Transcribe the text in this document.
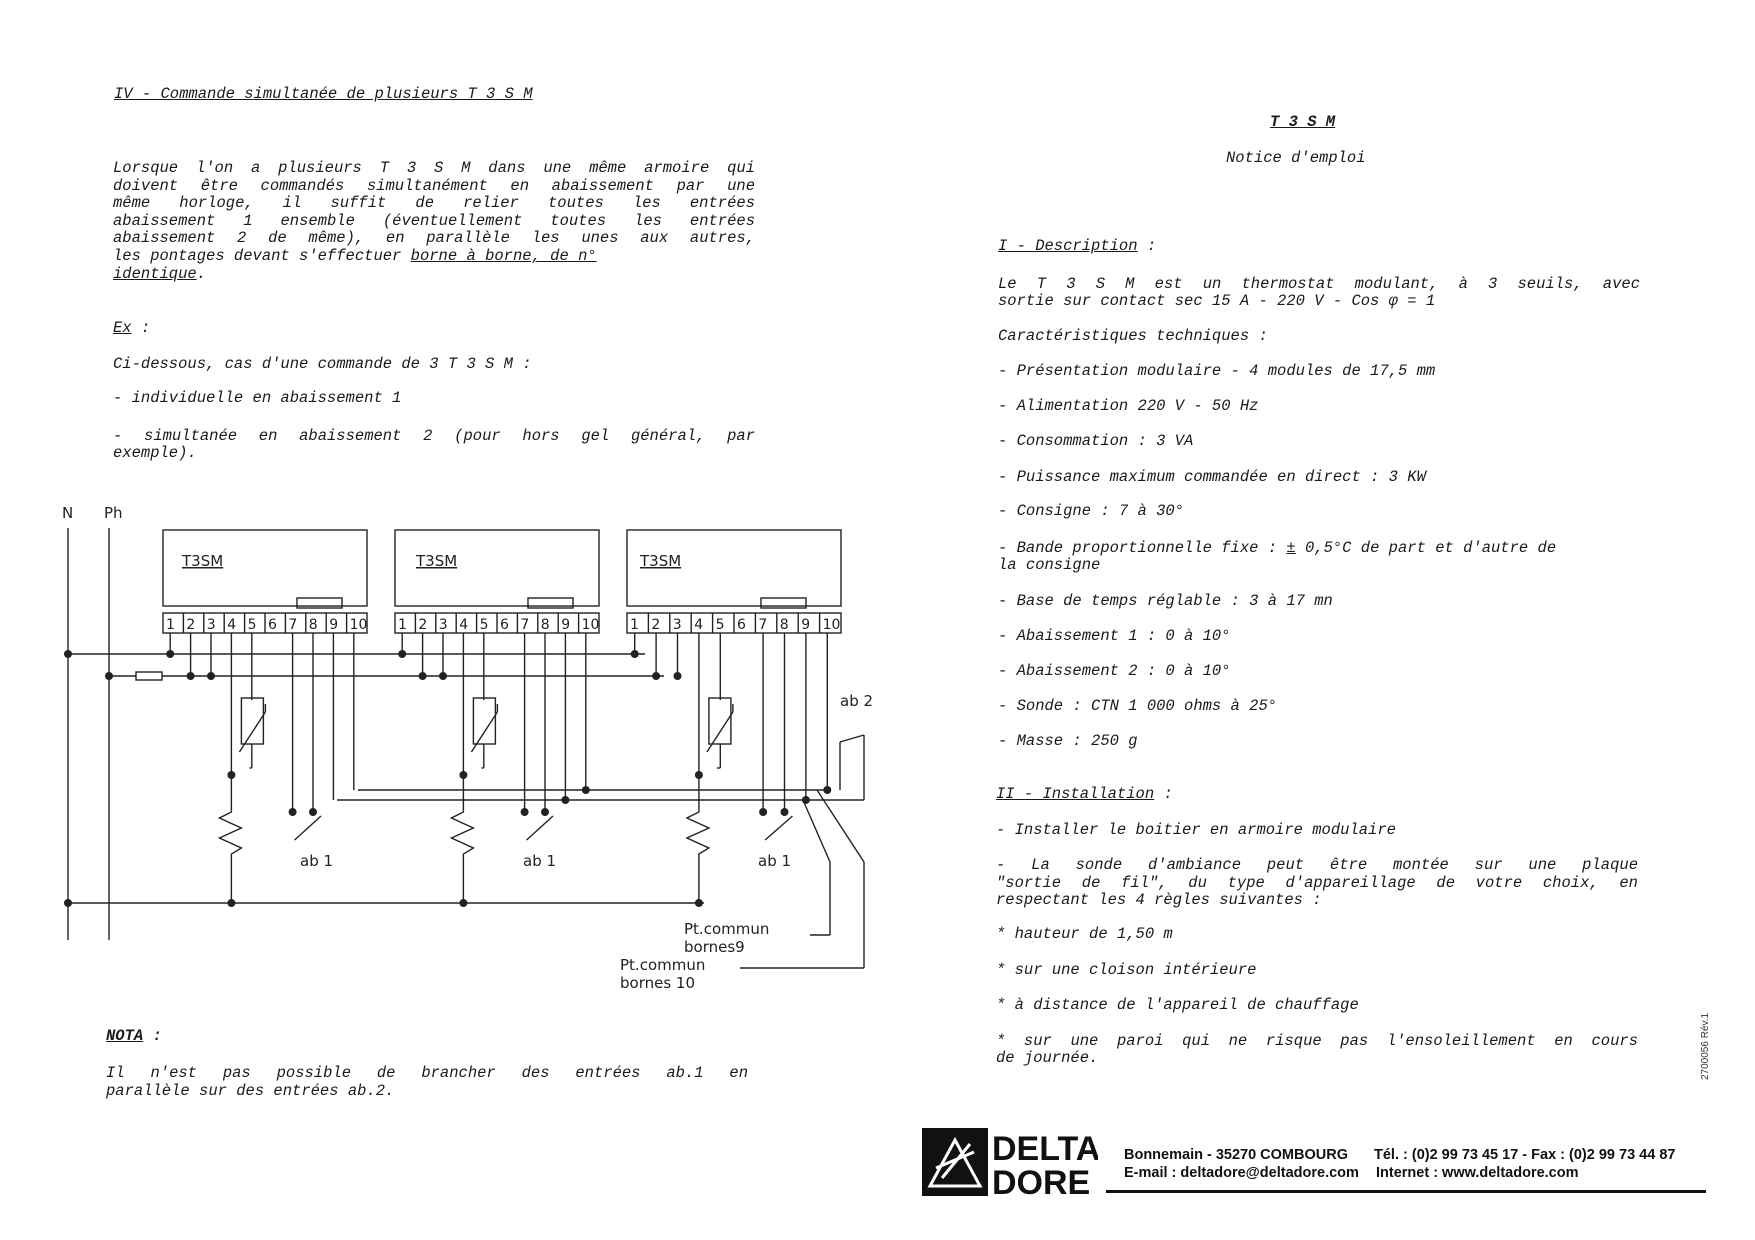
IV - Commande simultanée de plusieurs T 3 S M
Lorsque l'on a plusieurs T 3 S M dans une même armoire qui
doivent être commandés simultanément en abaissement par une
même horloge, il suffit de relier toutes les entrées
abaissement 1 ensemble (éventuellement toutes les entrées
abaissement 2 de même), en parallèle les unes aux autres,
les pontages devant s'effectuer borne à borne, de n°
identique.
Ex :
Ci-dessous, cas d'une commande de 3 T 3 S M :
- individuelle en abaissement 1
- simultanée en abaissement 2 (pour hors gel général, par
exemple).
NOTA :
Il n'est pas possible de brancher des entrées ab.1 en
parallèle sur des entrées ab.2.
N Ph
T3SM	T3SM	T3SM
1 2 3 4 5 6 7 8 9 10 1 2 3 4 5 6 7 8 9 10 1 2 3 4 5 6 7 8 9 10
ab 1	ab 1	ab 1
ab 2
Pt.commun
bornes9
Pt.commun
bornes 10
T 3 S M
Notice d'emploi
I - Description :
Le T 3 S M est un thermostat modulant, à 3 seuils, avec
sortie sur contact sec 15 A - 220 V - Cos φ = 1
Caractéristiques techniques :
- Présentation modulaire - 4 modules de 17,5 mm
- Alimentation 220 V - 50 Hz
- Consommation : 3 VA
- Puissance maximum commandée en direct : 3 KW
- Consigne : 7 à 30°
- Bande proportionnelle fixe : ± 0,5°C de part et d'autre de
la consigne
- Base de temps réglable : 3 à 17 mn
- Abaissement 1 : 0 à 10°
- Abaissement 2 : 0 à 10°
- Sonde : CTN 1 000 ohms à 25°
- Masse : 250 g
II - Installation :
- Installer le boitier en armoire modulaire
- La sonde d'ambiance peut être montée sur une plaque
"sortie de fil", du type d'appareillage de votre choix, en
respectant les 4 règles suivantes :
* hauteur de 1,50 m
* sur une cloison intérieure
* à distance de l'appareil de chauffage
* sur une paroi qui ne risque pas l'ensoleillement en cours
de journée.
DELTA
DORE
Bonnemain - 35270 COMBOURG Tél. : (0)2 99 73 45 17 - Fax : (0)2 99 73 44 87
E-mail : deltadore@deltadore.com Internet : www.deltadore.com
2700056 Rév.1
